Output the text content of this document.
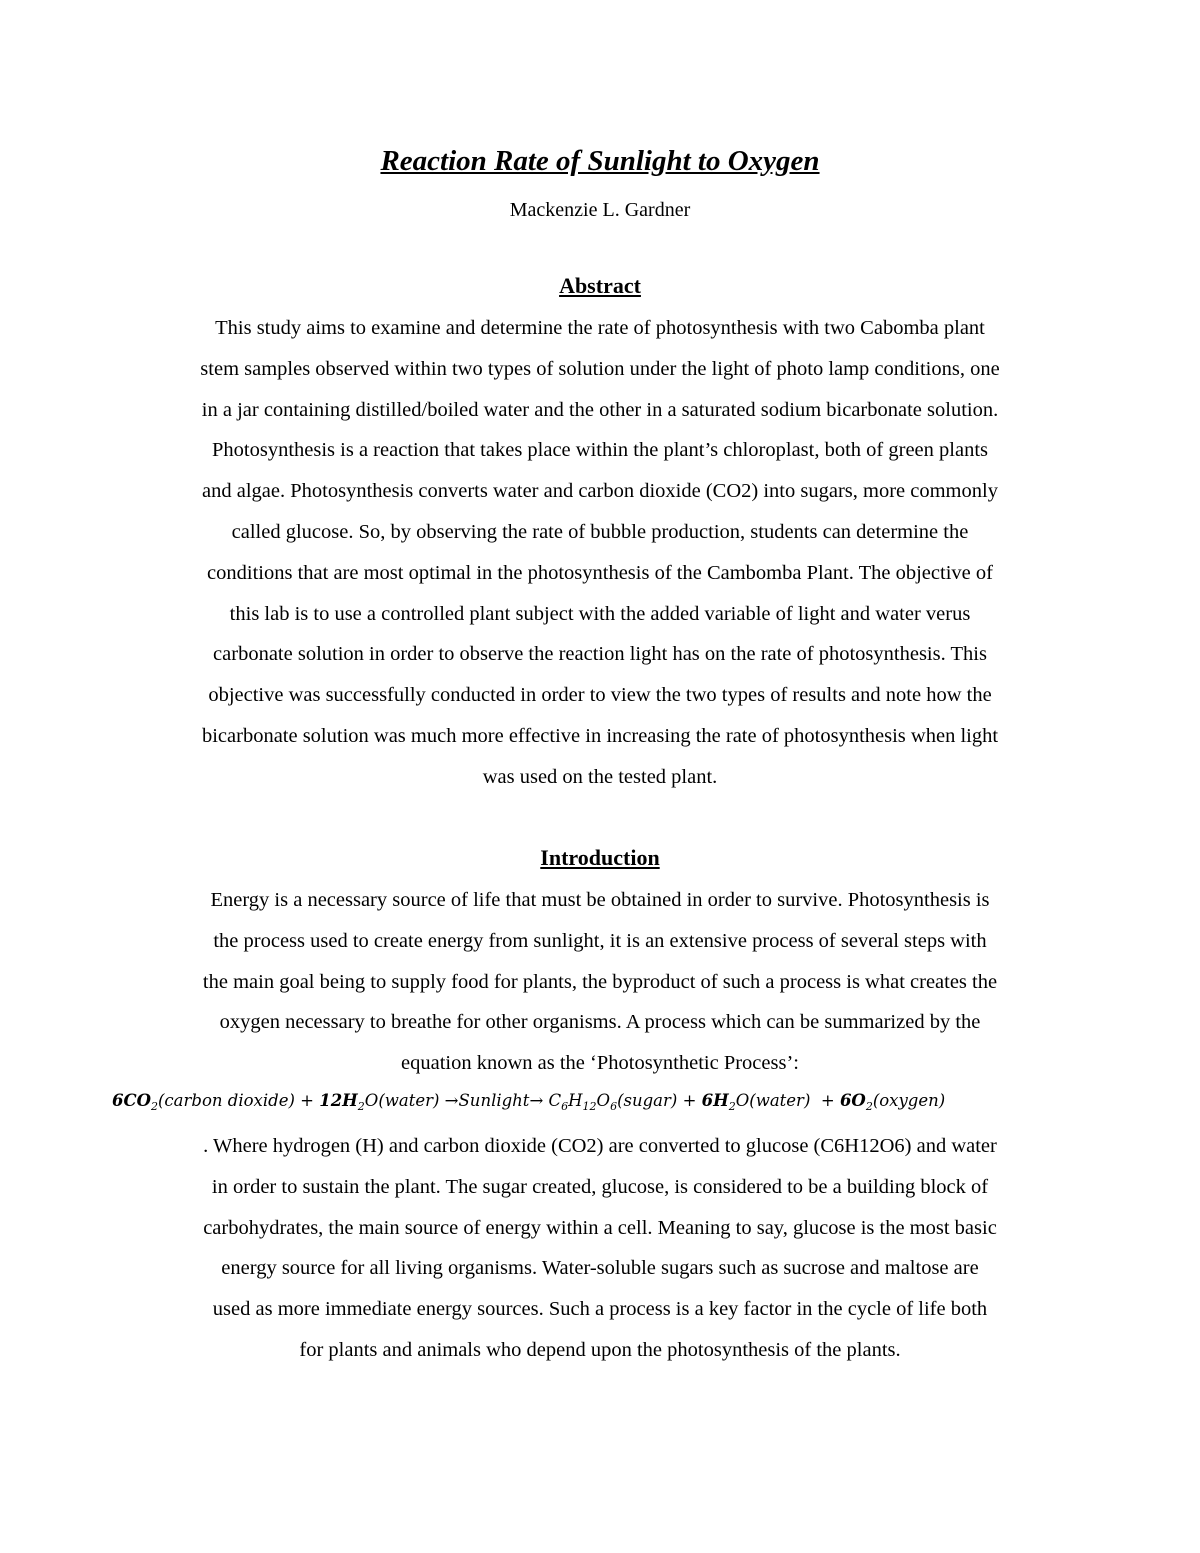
Reaction Rate of Sunlight to Oxygen
Mackenzie L. Gardner
Abstract
This study aims to examine and determine the rate of photosynthesis with two Cabomba plant
stem samples observed within two types of solution under the light of photo lamp conditions, one
in a jar containing distilled/boiled water and the other in a saturated sodium bicarbonate solution.
Photosynthesis is a reaction that takes place within the plant’s chloroplast, both of green plants
and algae. Photosynthesis converts water and carbon dioxide (CO2) into sugars, more commonly
called glucose. So, by observing the rate of bubble production, students can determine the
conditions that are most optimal in the photosynthesis of the Cambomba Plant. The objective of
this lab is to use a controlled plant subject with the added variable of light and water verus
carbonate solution in order to observe the reaction light has on the rate of photosynthesis. This
objective was successfully conducted in order to view the two types of results and note how the
bicarbonate solution was much more effective in increasing the rate of photosynthesis when light
was used on the tested plant.
Introduction
Energy is a necessary source of life that must be obtained in order to survive. Photosynthesis is
the process used to create energy from sunlight, it is an extensive process of several steps with
the main goal being to supply food for plants, the byproduct of such a process is what creates the
oxygen necessary to breathe for other organisms. A process which can be summarized by the
equation known as the ‘Photosynthetic Process’:
$6CO_2(carbon$ dioxide) + $12H_2O(water)$ →Sunlight→ $C_6H_{12}O_6(sugar)$ + $6H_2O(water)$  + $6O_2(oxygen)$
. Where hydrogen (H) and carbon dioxide (CO2) are converted to glucose (C6H12O6) and water
in order to sustain the plant. The sugar created, glucose, is considered to be a building block of
carbohydrates, the main source of energy within a cell. Meaning to say, glucose is the most basic
energy source for all living organisms. Water-soluble sugars such as sucrose and maltose are
used as more immediate energy sources. Such a process is a key factor in the cycle of life both
for plants and animals who depend upon the photosynthesis of the plants.
